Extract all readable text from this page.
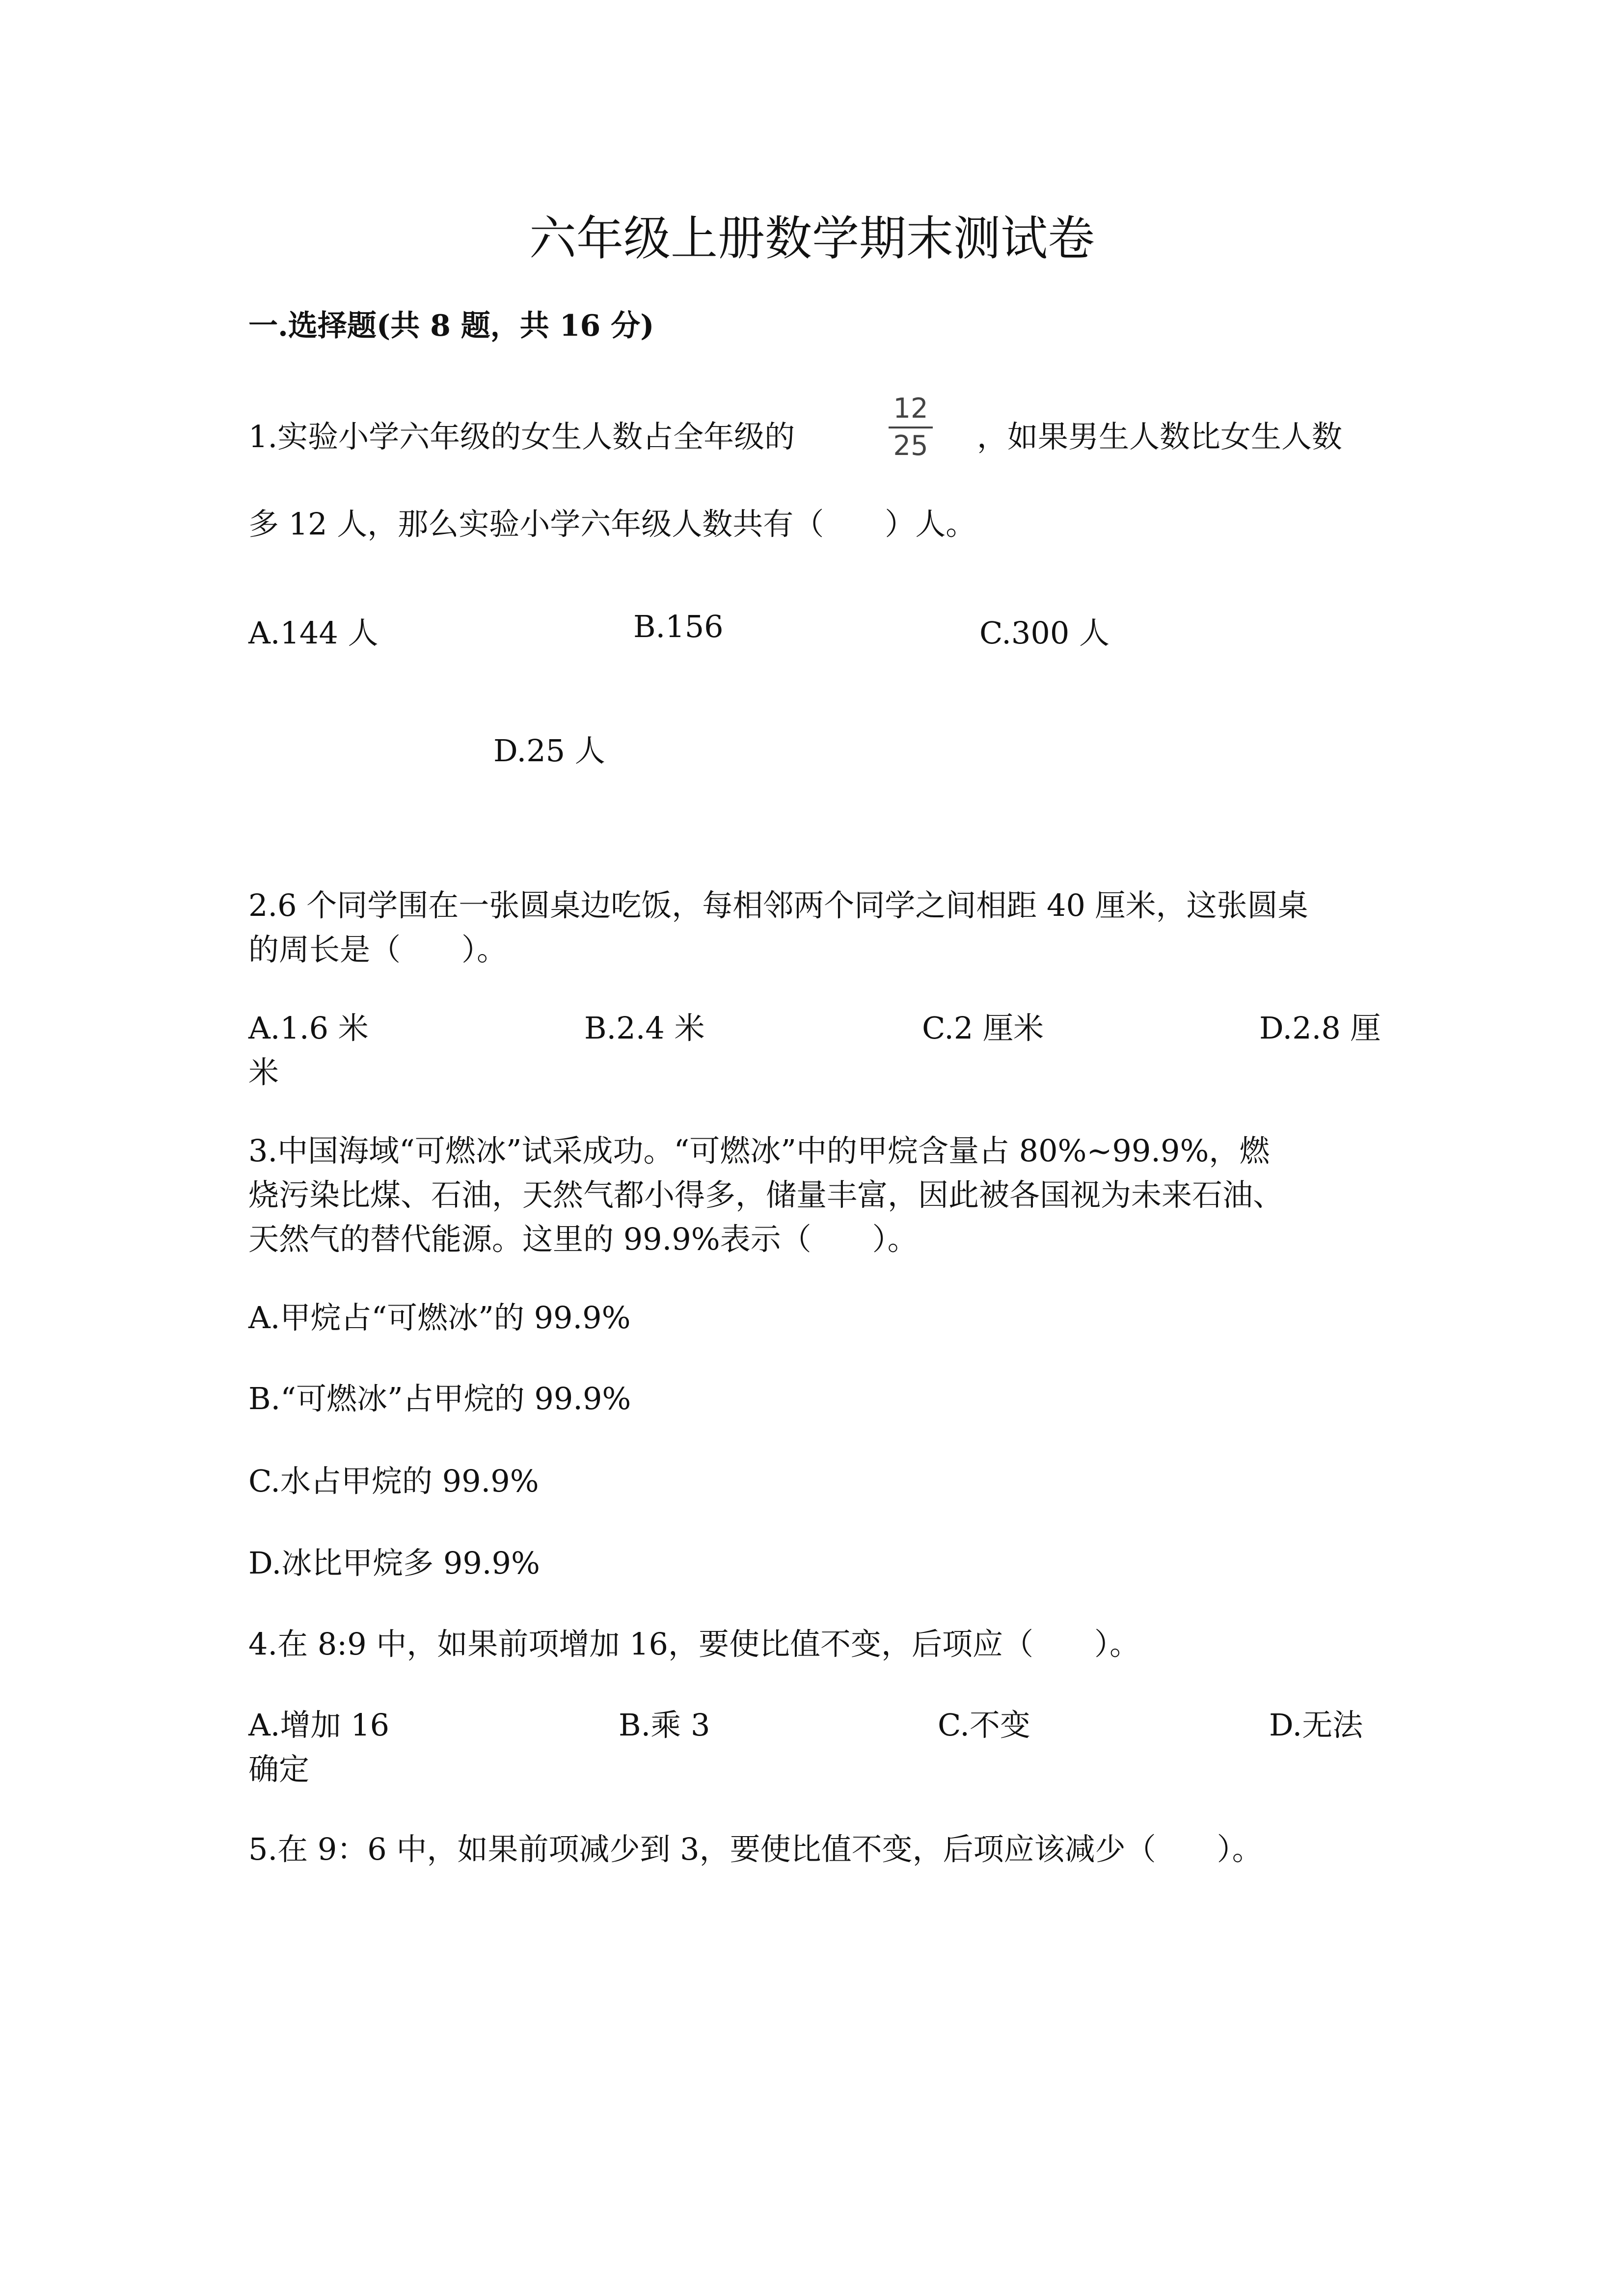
六年级上册数学期末测试卷
一.选择题(共 8 题，共 16 分)
1.实验小学六年级的女生人数占全年级的	$\frac{12}{25}$ ，如果男生人数比女生人数
多 12 人，那么实验小学六年级人数共有（　　）人。
A.144 人	B.156	C.300 人
D.25 人
2.6 个同学围在一张圆桌边吃饭，每相邻两个同学之间相距 40 厘米，这张圆桌
的周长是（　　）。
A.1.6 米	B.2.4 米	C.2 厘米	D.2.8 厘
米
3.中国海域“可燃冰”试采成功。“可燃冰”中的甲烷含量占 80%~99.9%，燃
烧污染比煤、石油，天然气都小得多，储量丰富，因此被各国视为未来石油、
天然气的替代能源。这里的 99.9%表示（　　）。
A.甲烷占“可燃冰”的 99.9%
B.“可燃冰”占甲烷的 99.9%
C.水占甲烷的 99.9%
D.冰比甲烷多 99.9%
4.在 8:9 中，如果前项增加 16，要使比值不变，后项应（　　）。
A.增加 16	B.乘 3	C.不变	D.无法
确定
5.在 9：6 中，如果前项减少到 3，要使比值不变，后项应该减少（　　）。
